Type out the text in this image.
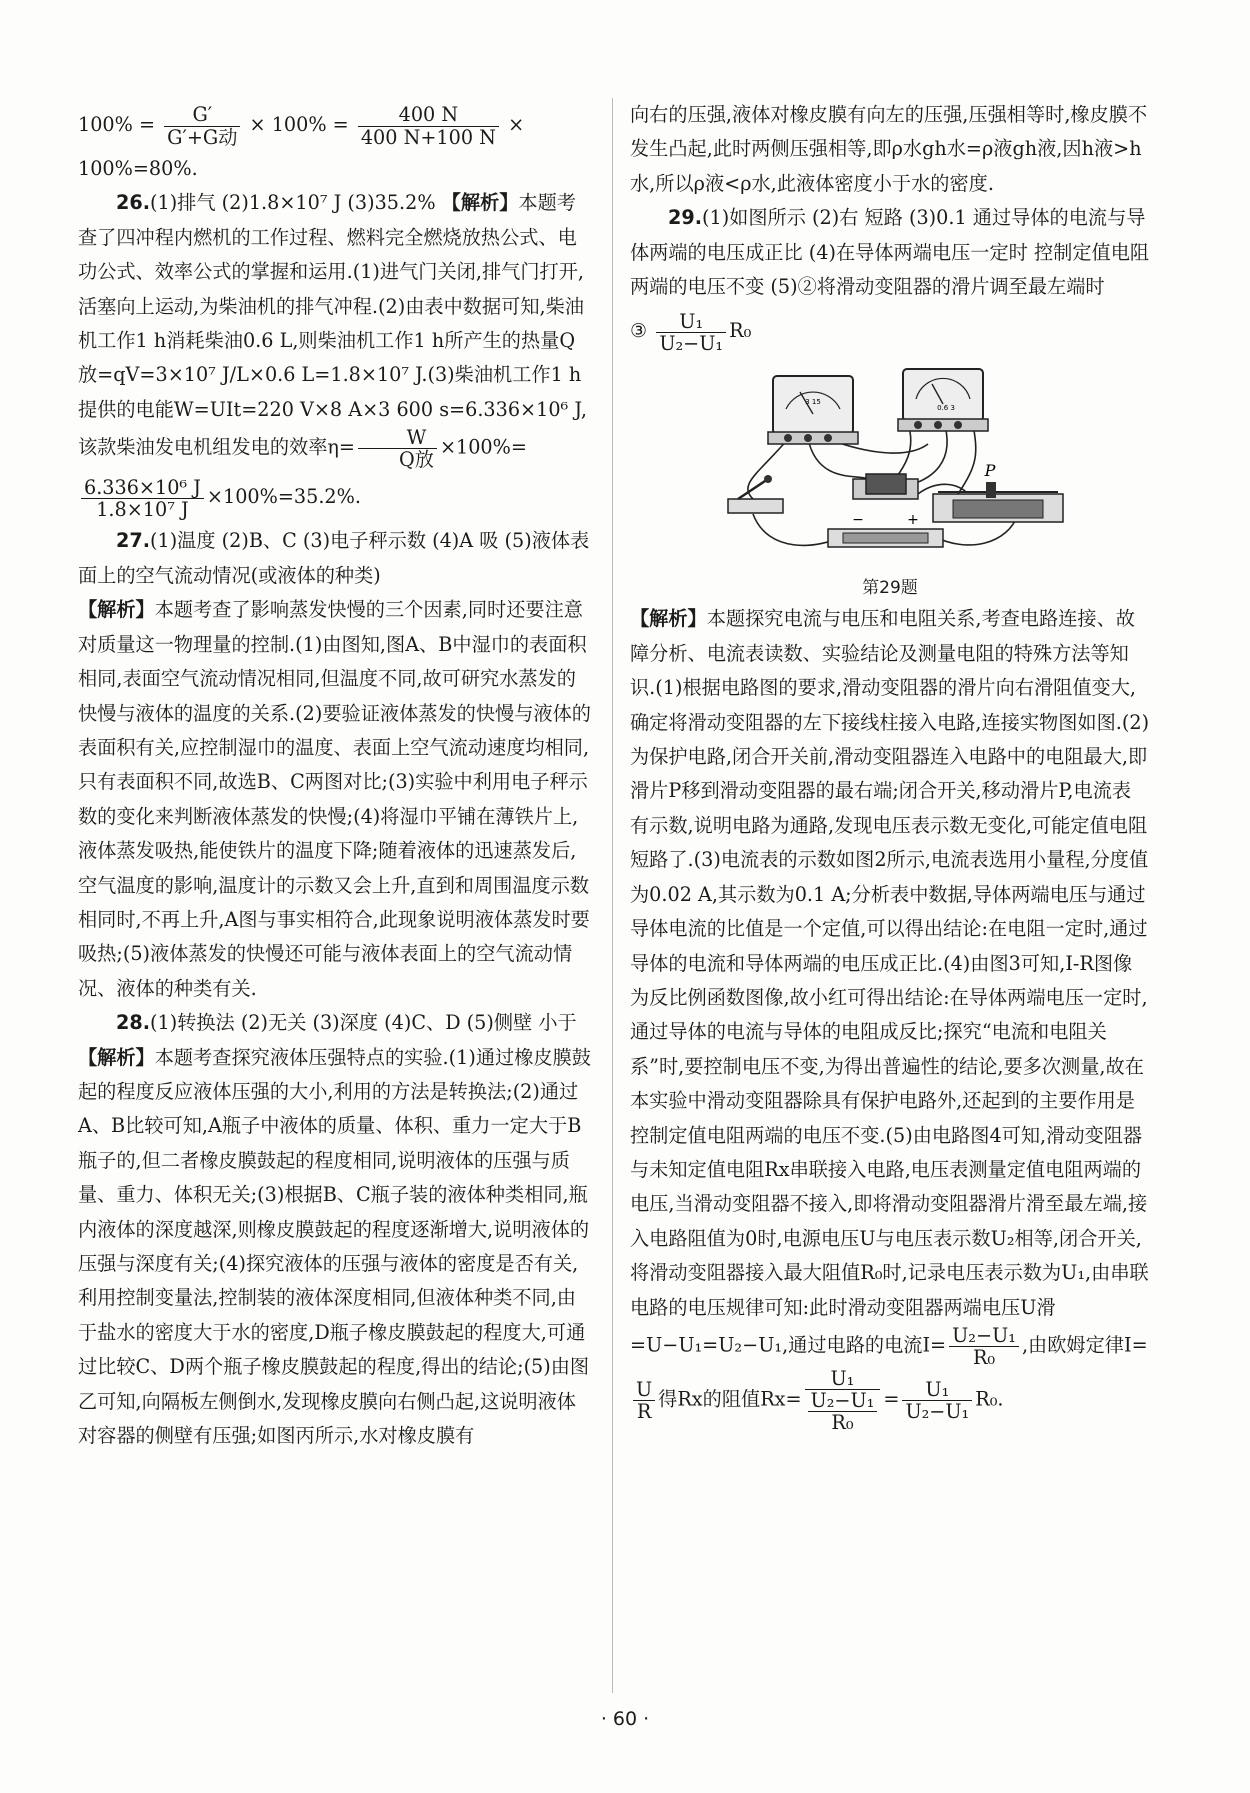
$100\% = \frac{G'}{\text{G′+G动}} \times 100\% = \frac{400 N}{400 N+100 N}$ ×

100%=80%.

26.(1)排气 (2)1.8×10⁷ J (3)35.2% 【解析】本题考查了四冲程内燃机的工作过程、燃料完全燃烧放热公式、电功公式、效率公式的掌握和运用.(1)进气门关闭,排气门打开,活塞向上运动,为柴油机的排气冲程.(2)由表中数据可知,柴油机工作1 h消耗柴油0.6 L,则柴油机工作1 h所产生的热量Q放=qV=3×10⁷ J/L×0.6 L=1.8×10⁷ J.(3)柴油机工作1 h提供的电能W=UIt=220 V×8 A×3 600 s=6.336×10⁶ J,该款柴油发电机组发电的效率$\eta= \frac{W}{\text{Q放}} \times 100\%=$

$\frac{\text{6.336×10⁶ J}}{\text{1.8×10⁷ J}} \times 100\%=35.2\%$.

27.(1)温度 (2)B、C (3)电子秤示数 (4)A 吸 (5)液体表面上的空气流动情况(或液体的种类)

【解析】本题考查了影响蒸发快慢的三个因素,同时还要注意对质量这一物理量的控制.(1)由图知,图A、B中湿巾的表面积相同,表面空气流动情况相同,但温度不同,故可研究水蒸发的快慢与液体的温度的关系.(2)要验证液体蒸发的快慢与液体的表面积有关,应控制湿巾的温度、表面上空气流动速度均相同,只有表面积不同,故选B、C两图对比;(3)实验中利用电子秤示数的变化来判断液体蒸发的快慢;(4)将湿巾平铺在薄铁片上,液体蒸发吸热,能使铁片的温度下降;随着液体的迅速蒸发后,空气温度的影响,温度计的示数又会上升,直到和周围温度示数相同时,不再上升,A图与事实相符合,此现象说明液体蒸发时要吸热;(5)液体蒸发的快慢还可能与液体表面上的空气流动情况、液体的种类有关.

28.(1)转换法 (2)无关 (3)深度 (4)C、D (5)侧壁 小于 【解析】本题考查探究液体压强特点的实验.(1)通过橡皮膜鼓起的程度反应液体压强的大小,利用的方法是转换法;(2)通过A、B比较可知,A瓶子中液体的质量、体积、重力一定大于B瓶子的,但二者橡皮膜鼓起的程度相同,说明液体的压强与质量、重力、体积无关;(3)根据B、C瓶子装的液体种类相同,瓶内液体的深度越深,则橡皮膜鼓起的程度逐渐增大,说明液体的压强与深度有关;(4)探究液体的压强与液体的密度是否有关,利用控制变量法,控制装的液体深度相同,但液体种类不同,由于盐水的密度大于水的密度,D瓶子橡皮膜鼓起的程度大,可通过比较C、D两个瓶子橡皮膜鼓起的程度,得出的结论;(5)由图乙可知,向隔板左侧倒水,发现橡皮膜向右侧凸起,这说明液体对容器的侧壁有压强;如图丙所示,水对橡皮膜有

向右的压强,液体对橡皮膜有向左的压强,压强相等时,橡皮膜不发生凸起,此时两侧压强相等,即ρ水gh水=ρ液gh液,因h液>h水,所以ρ液<ρ水,此液体密度小于水的密度.

29.(1)如图所示 (2)右 短路 (3)0.1 通过导体的电流与导体两端的电压成正比 (4)在导体两端电压一定时 控制定值电阻两端的电压不变 (5)②将滑动变阻器的滑片调至最左端时

③ $\frac{\text{U₁}}{\text{U₂−U₁}} R_0$
3 15
0.6 3
P
−	+
第29题

【解析】本题探究电流与电压和电阻关系,考查电路连接、故障分析、电流表读数、实验结论及测量电阻的特殊方法等知识.(1)根据电路图的要求,滑动变阻器的滑片向右滑阻值变大,确定将滑动变阻器的左下接线柱接入电路,连接实物图如图.(2)为保护电路,闭合开关前,滑动变阻器连入电路中的电阻最大,即滑片P移到滑动变阻器的最右端;闭合开关,移动滑片P,电流表有示数,说明电路为通路,发现电压表示数无变化,可能定值电阻短路了.(3)电流表的示数如图2所示,电流表选用小量程,分度值为0.02 A,其示数为0.1 A;分析表中数据,导体两端电压与通过导体电流的比值是一个定值,可以得出结论:在电阻一定时,通过导体的电流和导体两端的电压成正比.(4)由图3可知,I-R图像为反比例函数图像,故小红可得出结论:在导体两端电压一定时,通过导体的电流与导体的电阻成反比;探究“电流和电阻关系”时,要控制电压不变,为得出普遍性的结论,要多次测量,故在本实验中滑动变阻器除具有保护电路外,还起到的主要作用是控制定值电阻两端的电压不变.(5)由电路图4可知,滑动变阻器与未知定值电阻Rx串联接入电路,电压表测量定值电阻两端的电压,当滑动变阻器不接入,即将滑动变阻器滑片滑至最左端,接入电路阻值为0时,电源电压U与电压表示数U₂相等,闭合开关,将滑动变阻器接入最大阻值R₀时,记录电压表示数为U₁,由串联电路的电压规律可知:此时滑动变阻器两端电压U滑=U−U₁=U₂−U₁,通过电路的电流$I= \frac{\text{U₂−U₁}}{\text{R₀}}$ ,由欧姆定律I=

$\frac{U}{R}$ 得Rx的阻值$Rx= \frac{\text{U₁}}{\frac{\text{U₂−U₁}}{\text{R₀}}} = \frac{\text{U₁}}{\text{U₂−U₁}} R_0$.
· 60 ·
